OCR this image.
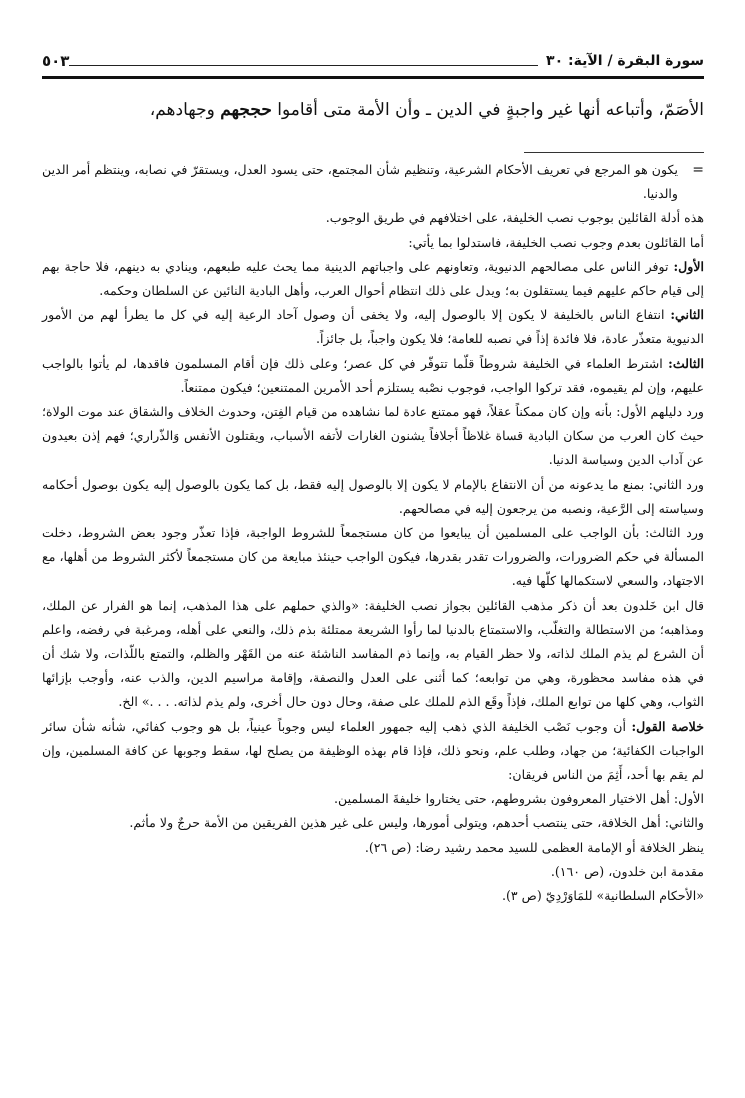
سورة البقرة / الآية: ٣٠
٥٠٣

الأصَمّ، وأتباعه أنها غير واجبةٍ في الدين ـ وأن الأمة متى أقاموا حججهم وجهادهم،

=
يكون هو المرجع في تعريف الأحكام الشرعية، وتنظيم شأن المجتمع، حتى يسود العدل، ويستقرّ في نصابه، وينتظم أمر الدين والدنيا.

هذه أدلة القائلين بوجوب نصب الخليفة، على اختلافهم في طريق الوجوب.

أما القائلون بعدم وجوب نصب الخليفة، فاستدلوا بما يأتي:

الأول: توفر الناس على مصالحهم الدنيوية، وتعاونهم على واجباتهم الدينية مما يحث عليه طبعهم، وينادي به دينهم، فلا حاجة بهم إلى قيام حاكم عليهم فيما يستقلون به؛ ويدل على ذلك انتظام أحوال العرب، وأهل البادية النائين عن السلطان وحكمه.

الثاني: انتفاع الناس بالخليفة لا يكون إلا بالوصول إليه، ولا يخفى أن وصول آحاد الرعية إليه في كل ما يطرأ لهم من الأمور الدنيوية متعذّر عادة، فلا فائدة إذاً في نصبه للعامة؛ فلا يكون واجباً، بل جائزاً.

الثالث: اشترط العلماء في الخليفة شروطاً قلّما تتوفّر في كل عصر؛ وعلى ذلك فإن أقام المسلمون فاقدها، لم يأتوا بالواجب عليهم، وإن لم يقيموه، فقد تركوا الواجب، فوجوب نصْبه يستلزم أحد الأمرين الممتنعين؛ فيكون ممتنعاً.

ورد دليلهم الأول: بأنه وإن كان ممكناً عقلاً، فهو ممتنع عادة لما نشاهده من قيام الفِتن، وحدوث الخلاف والشقاق عند موت الولاة؛ حيث كان العرب من سكان البادية قساة غلاظاً أجلافاً يشنون الغارات لأتفه الأسباب، ويقتلون الأنفس وَالذّراري؛ فهم إذن بعيدون عن آداب الدين وسياسة الدنيا.

ورد الثاني: بمنع ما يدعونه من أن الانتفاع بالإمام لا يكون إلا بالوصول إليه فقط، بل كما يكون بالوصول إليه يكون بوصول أحكامه وسياسته إلى الرَّعية، ونصبه من يرجعون إليه في مصالحهم.

ورد الثالث: بأن الواجب على المسلمين أن يبايعوا من كان مستجمعاً للشروط الواجبة، فإذا تعذّر وجود بعض الشروط، دخلت المسألة في حكم الضرورات، والضرورات تقدر بقدرها، فيكون الواجب حينئذ مبايعة من كان مستجمعاً لأكثر الشروط من أهلها، مع الاجتهاد، والسعي لاستكمالها كلّها فيه.

قال ابن خَلدون بعد أن ذكر مذهب القائلين بجواز نصب الخليفة: «والذي حملهم على هذا المذهب، إنما هو الفرار عن الملك، ومذاهبه؛ من الاستطالة والتغلّب، والاستمتاع بالدنيا لما رأوا الشريعة ممتلئة بذم ذلك، والنعي على أهله، ومرغبة في رفضه، واعلم أن الشرع لم يذم الملك لذاته، ولا حظر القيام به، وإنما ذم المفاسد الناشئة عنه من القَهْر والظلم، والتمتع باللّذات، ولا شك أن في هذه مفاسد محظورة، وهي من توابعه؛ كما أثنى على العدل والنصفة، وإقامة مراسيم الدين، والذب عنه، وأوجب بإزائها الثواب، وهي كلها من توابع الملك، فإذاً وقَع الذم للملك على صفة، وحال دون حال أخرى، ولم يذم لذاته. . . .» الخ.

خلاصة القول: أن وجوب نَصْب الخليفة الذي ذهب إليه جمهور العلماء ليس وجوباً عينياً، بل هو وجوب كفائي، شأنه شأن سائر الواجبات الكفائية؛ من جهاد، وطلب علم، ونحو ذلك، فإذا قام بهذه الوظيفة من يصلح لها، سقط وجوبها عن كافة المسلمين، وإن لم يقم بها أحد، أَثِمَ من الناس فريقان:

الأول: أهل الاختيار المعروفون بشروطهم، حتى يختاروا خليفةَ المسلمين.

والثاني: أهل الخلافة، حتى ينتصب أحدهم، ويتولى أمورها، وليس على غير هذين الفريقين من الأمة حرجٌ ولا مأثم.

ينظر الخلافة أو الإمامة العظمى للسيد محمد رشيد رضا: (ص ٢٦).

مقدمة ابن خلدون، (ص ١٦٠).

«الأحكام السلطانية» للمَاوَرْدِيّ (ص ٣).
